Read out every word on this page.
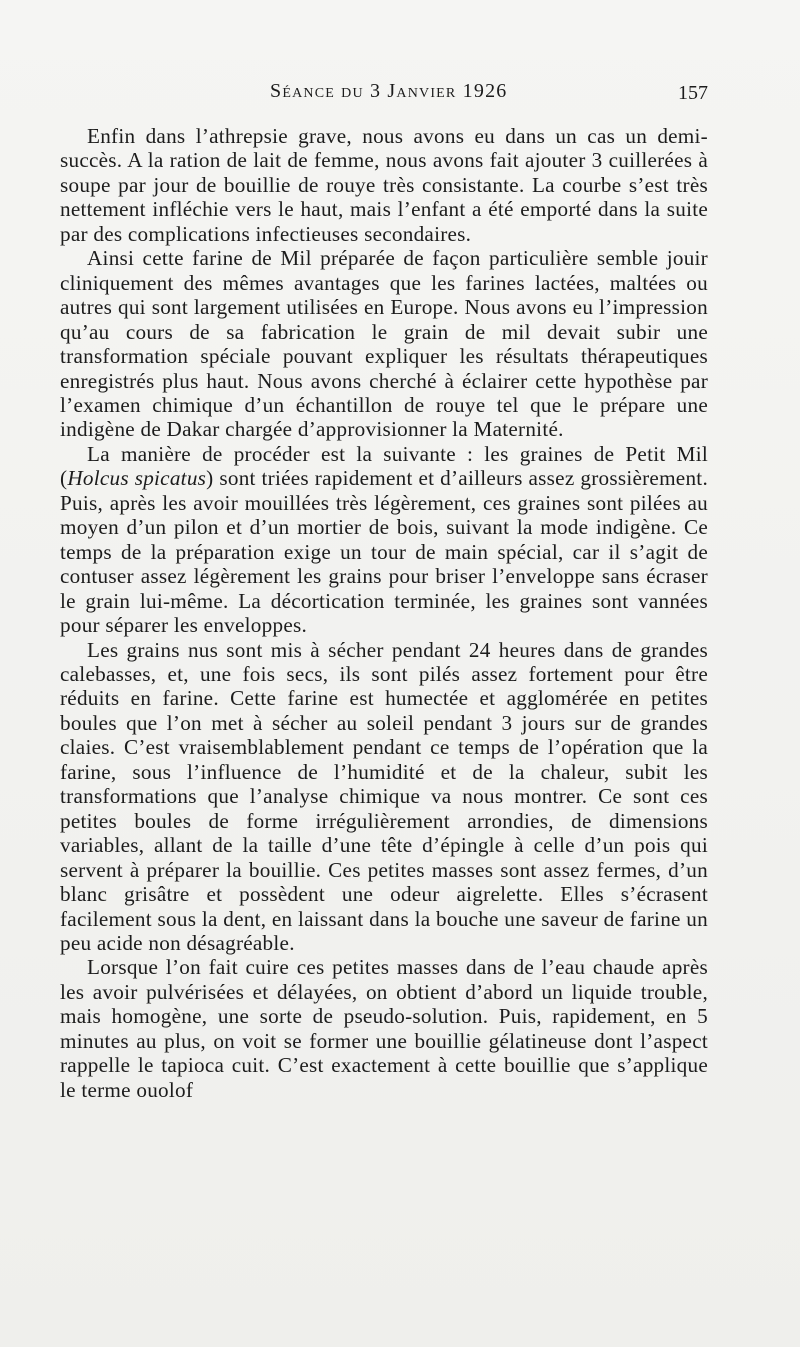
Séance du 3 Janvier 1926	157

Enfin dans l’athrepsie grave, nous avons eu dans un cas un demi-succès. A la ration de lait de femme, nous avons fait ajouter 3 cuillerées à soupe par jour de bouillie de rouye très consistante. La courbe s’est très nettement infléchie vers le haut, mais l’enfant a été emporté dans la suite par des complications infectieuses secondaires.

Ainsi cette farine de Mil préparée de façon particulière semble jouir cliniquement des mêmes avantages que les farines lactées, maltées ou autres qui sont largement utilisées en Europe. Nous avons eu l’impression qu’au cours de sa fabrication le grain de mil devait subir une transformation spéciale pouvant expliquer les résultats thérapeutiques enregistrés plus haut. Nous avons cherché à éclairer cette hypothèse par l’examen chimique d’un échantillon de rouye tel que le prépare une indigène de Dakar chargée d’approvisionner la Maternité.

La manière de procéder est la suivante : les graines de Petit Mil (Holcus spicatus) sont triées rapidement et d’ailleurs assez grossièrement. Puis, après les avoir mouillées très légèrement, ces graines sont pilées au moyen d’un pilon et d’un mortier de bois, suivant la mode indigène. Ce temps de la préparation exige un tour de main spécial, car il s’agit de contuser assez légèrement les grains pour briser l’enveloppe sans écraser le grain lui-même. La décortication terminée, les graines sont vannées pour séparer les enveloppes.

Les grains nus sont mis à sécher pendant 24 heures dans de grandes calebasses, et, une fois secs, ils sont pilés assez fortement pour être réduits en farine. Cette farine est humectée et agglomérée en petites boules que l’on met à sécher au soleil pendant 3 jours sur de grandes claies. C’est vraisemblablement pendant ce temps de l’opération que la farine, sous l’influence de l’humidité et de la chaleur, subit les transformations que l’analyse chimique va nous montrer. Ce sont ces petites boules de forme irrégulièrement arrondies, de dimensions variables, allant de la taille d’une tête d’épingle à celle d’un pois qui servent à préparer la bouillie. Ces petites masses sont assez fermes, d’un blanc grisâtre et possèdent une odeur aigrelette. Elles s’écrasent facilement sous la dent, en laissant dans la bouche une saveur de farine un peu acide non désagréable.

Lorsque l’on fait cuire ces petites masses dans de l’eau chaude après les avoir pulvérisées et délayées, on obtient d’abord un liquide trouble, mais homogène, une sorte de pseudo-solution. Puis, rapidement, en 5 minutes au plus, on voit se former une bouillie gélatineuse dont l’aspect rappelle le tapioca cuit. C’est exactement à cette bouillie que s’applique le terme ouolof
